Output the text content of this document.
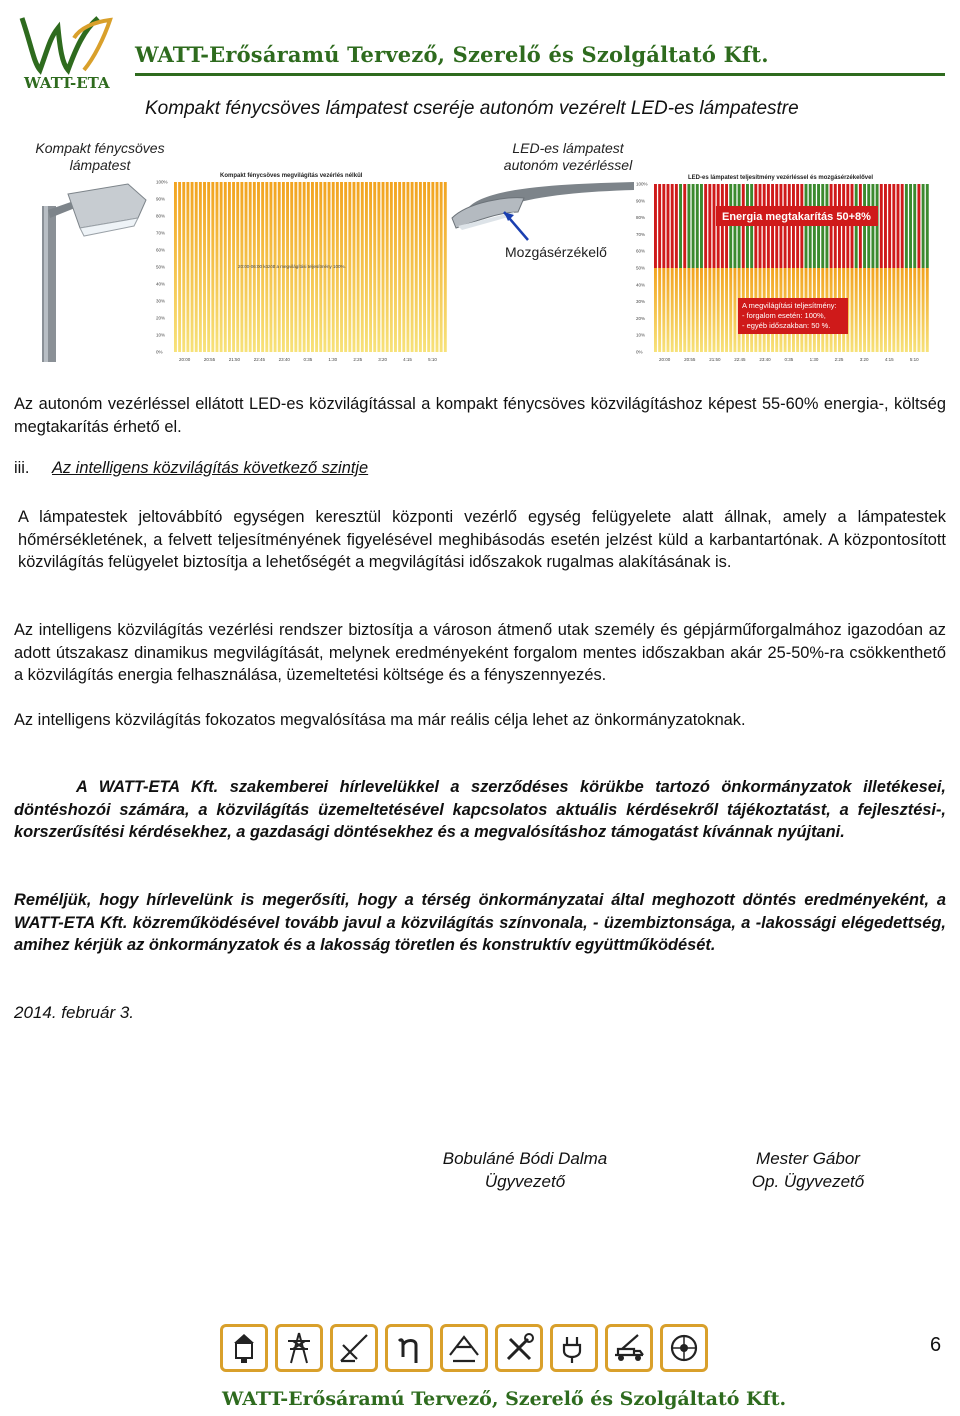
WATT-ETA
WATT-Erősáramú Tervező, Szerelő és Szolgáltató Kft.
Kompakt fénycsöves lámpatest cseréje autonóm vezérelt LED-es lámpatestre
Kompakt fénycsöves
lámpatest
LED-es lámpatest
autonóm vezérléssel
Kompakt fénycsöves megvilágítás vezérlés nélkül
0%
10%
20%
30%
40%
50%
60%
70%
80%
90%
100%
20:00	20:55	21:50	22:45	23:40	0:35	1:30	2:25	3:20	4:15	5:10
20:00-06:00 között a megvilágítási teljesítmény 100%.
Mozgásérzékelő
LED-es lámpatest teljesítmény vezérléssel és mozgásérzékelővel
0%
10%
20%
30%
40%
50%
60%
70%
80%
90%
100%
20:00	20:55	21:50	22:45	23:40	0:35	1:30	2:25	3:20	4:15	5:10
Energia megtakarítás 50+8%
A megvilágítási teljesítmény:
- forgalom esetén: 100%,
- egyéb időszakban: 50 %.

Az autonóm vezérléssel ellátott LED-es közvilágítással a kompakt fénycsöves közvilágításhoz képest 55-60% energia-, költség megtakarítás érhető el.

iii. Az intelligens közvilágítás következő szintje

A lámpatestek jeltovábbító egységen keresztül központi vezérlő egység felügyelete alatt állnak, amely a lámpatestek hőmérsékletének, a felvett teljesítményének figyelésével meghibásodás esetén jelzést küld a karbantartónak. A központosított közvilágítás felügyelet biztosítja a lehetőségét a megvilágítási időszakok rugalmas alakításának is.

Az intelligens közvilágítás vezérlési rendszer biztosítja a városon átmenő utak személy és gépjárműforgalmához igazodóan az adott útszakasz dinamikus megvilágítását, melynek eredményeként forgalom mentes időszakban akár 25-50%-ra csökkenthető a közvilágítás energia felhasználása, üzemeltetési költsége és a fényszennyezés.

Az intelligens közvilágítás fokozatos megvalósítása ma már reális célja lehet az önkormányzatoknak.

A WATT-ETA Kft. szakemberei hírlevelükkel a szerződéses körükbe tartozó önkormányzatok illetékesei, döntéshozói számára, a közvilágítás üzemeltetésével kapcsolatos aktuális kérdésekről tájékoztatást, a fejlesztési-, korszerűsítési kérdésekhez, a gazdasági döntésekhez és a megvalósításhoz támogatást kívánnak nyújtani.

Reméljük, hogy hírlevelünk is megerősíti, hogy a térség önkormányzatai által meghozott döntés eredményeként, a WATT-ETA Kft. közreműködésével tovább javul a közvilágítás színvonala, - üzembiztonsága, a -lakossági elégedettség, amihez kérjük az önkormányzatok és a lakosság töretlen és konstruktív együttműködését.

2014. február 3.
Bobuláné Bódi Dalma
Ügyvezető
Mester Gábor
Op. Ügyvezető
6
WATT-Erősáramú Tervező, Szerelő és Szolgáltató Kft.
